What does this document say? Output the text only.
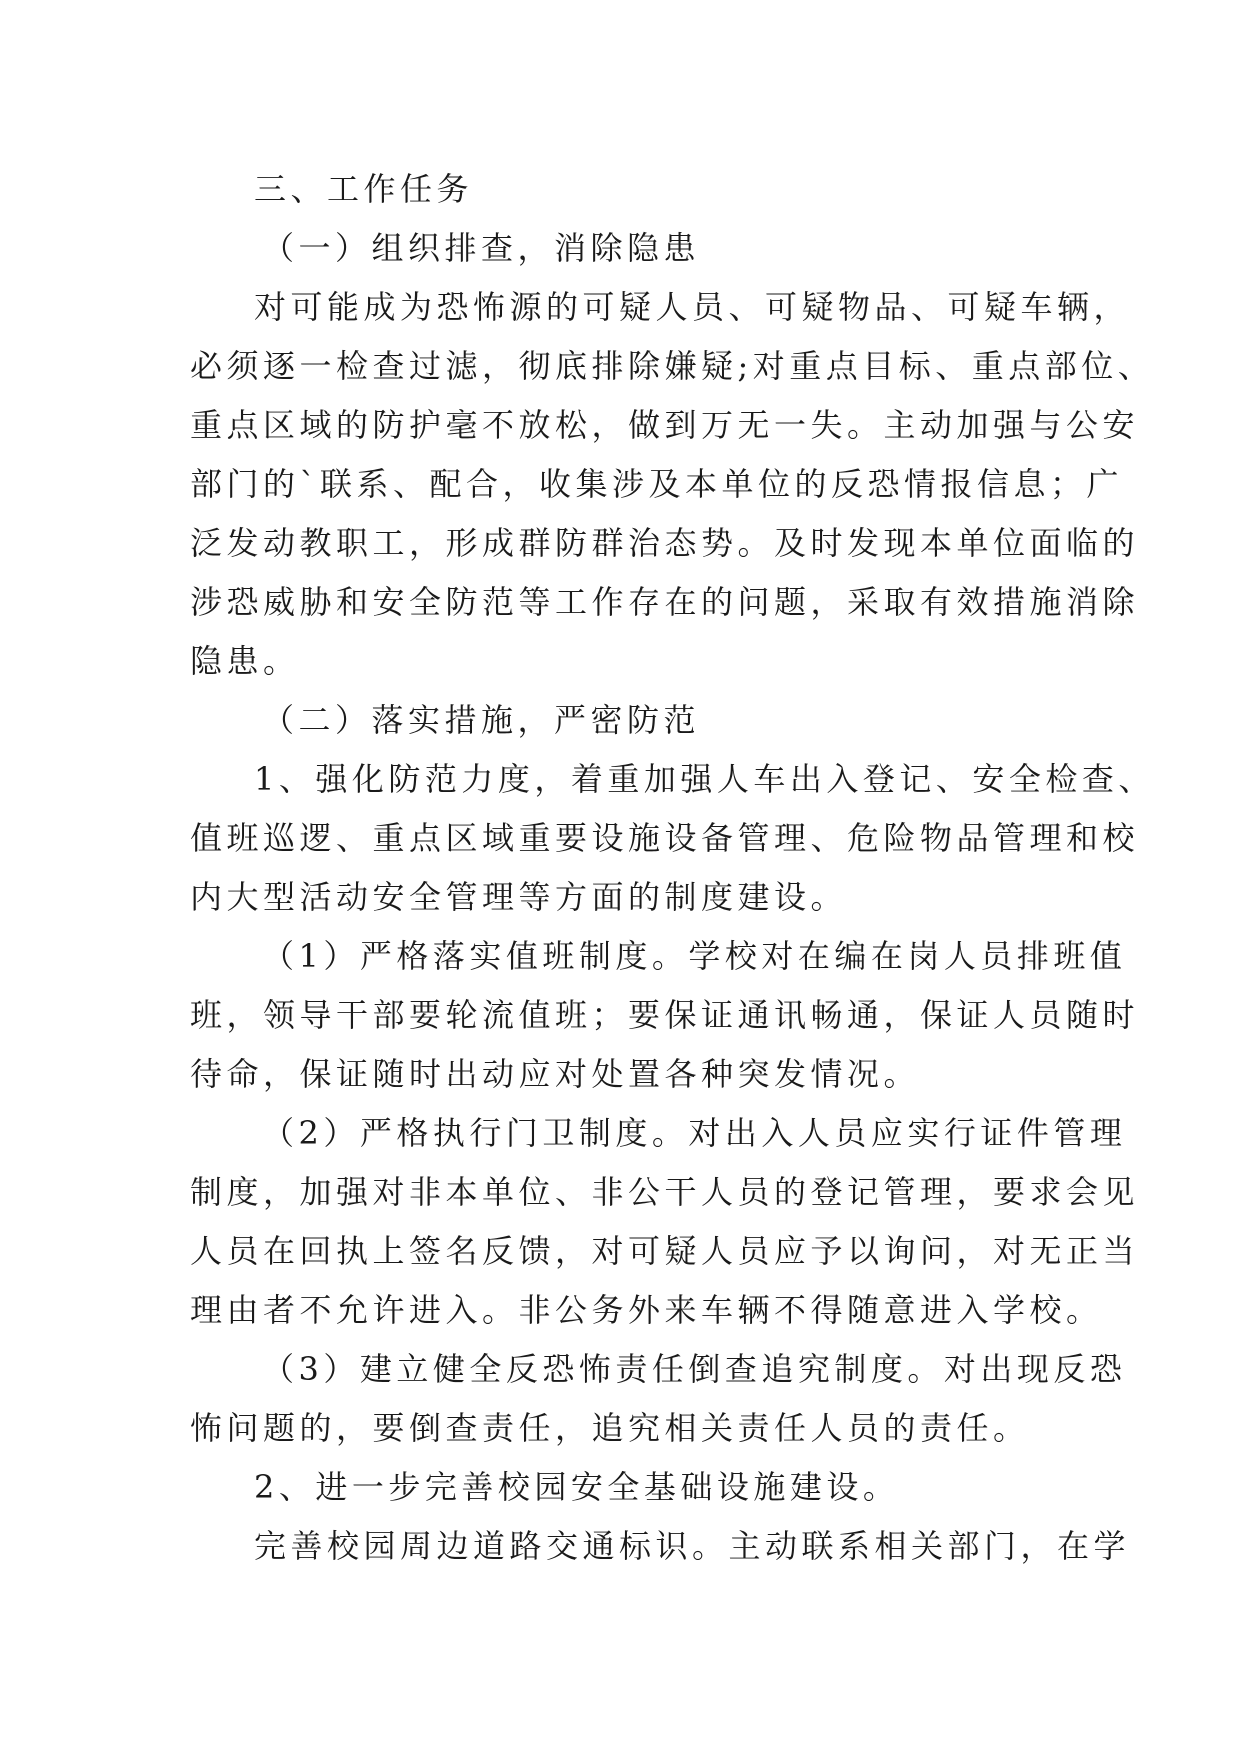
三、工作任务

（一）组织排查，消除隐患

对可能成为恐怖源的可疑人员、可疑物品、可疑车辆，

必须逐一检查过滤，彻底排除嫌疑;对重点目标、重点部位、

重点区域的防护毫不放松，做到万无一失。主动加强与公安

部门的`联系、配合，收集涉及本单位的反恐情报信息；广

泛发动教职工，形成群防群治态势。及时发现本单位面临的

涉恐威胁和安全防范等工作存在的问题，采取有效措施消除

隐患。

（二）落实措施，严密防范

1、强化防范力度，着重加强人车出入登记、安全检查、

值班巡逻、重点区域重要设施设备管理、危险物品管理和校

内大型活动安全管理等方面的制度建设。

（1）严格落实值班制度。学校对在编在岗人员排班值

班，领导干部要轮流值班；要保证通讯畅通，保证人员随时

待命，保证随时出动应对处置各种突发情况。

（2）严格执行门卫制度。对出入人员应实行证件管理

制度，加强对非本单位、非公干人员的登记管理，要求会见

人员在回执上签名反馈，对可疑人员应予以询问，对无正当

理由者不允许进入。非公务外来车辆不得随意进入学校。

（3）建立健全反恐怖责任倒查追究制度。对出现反恐

怖问题的，要倒查责任，追究相关责任人员的责任。

2、进一步完善校园安全基础设施建设。

完善校园周边道路交通标识。主动联系相关部门，在学
